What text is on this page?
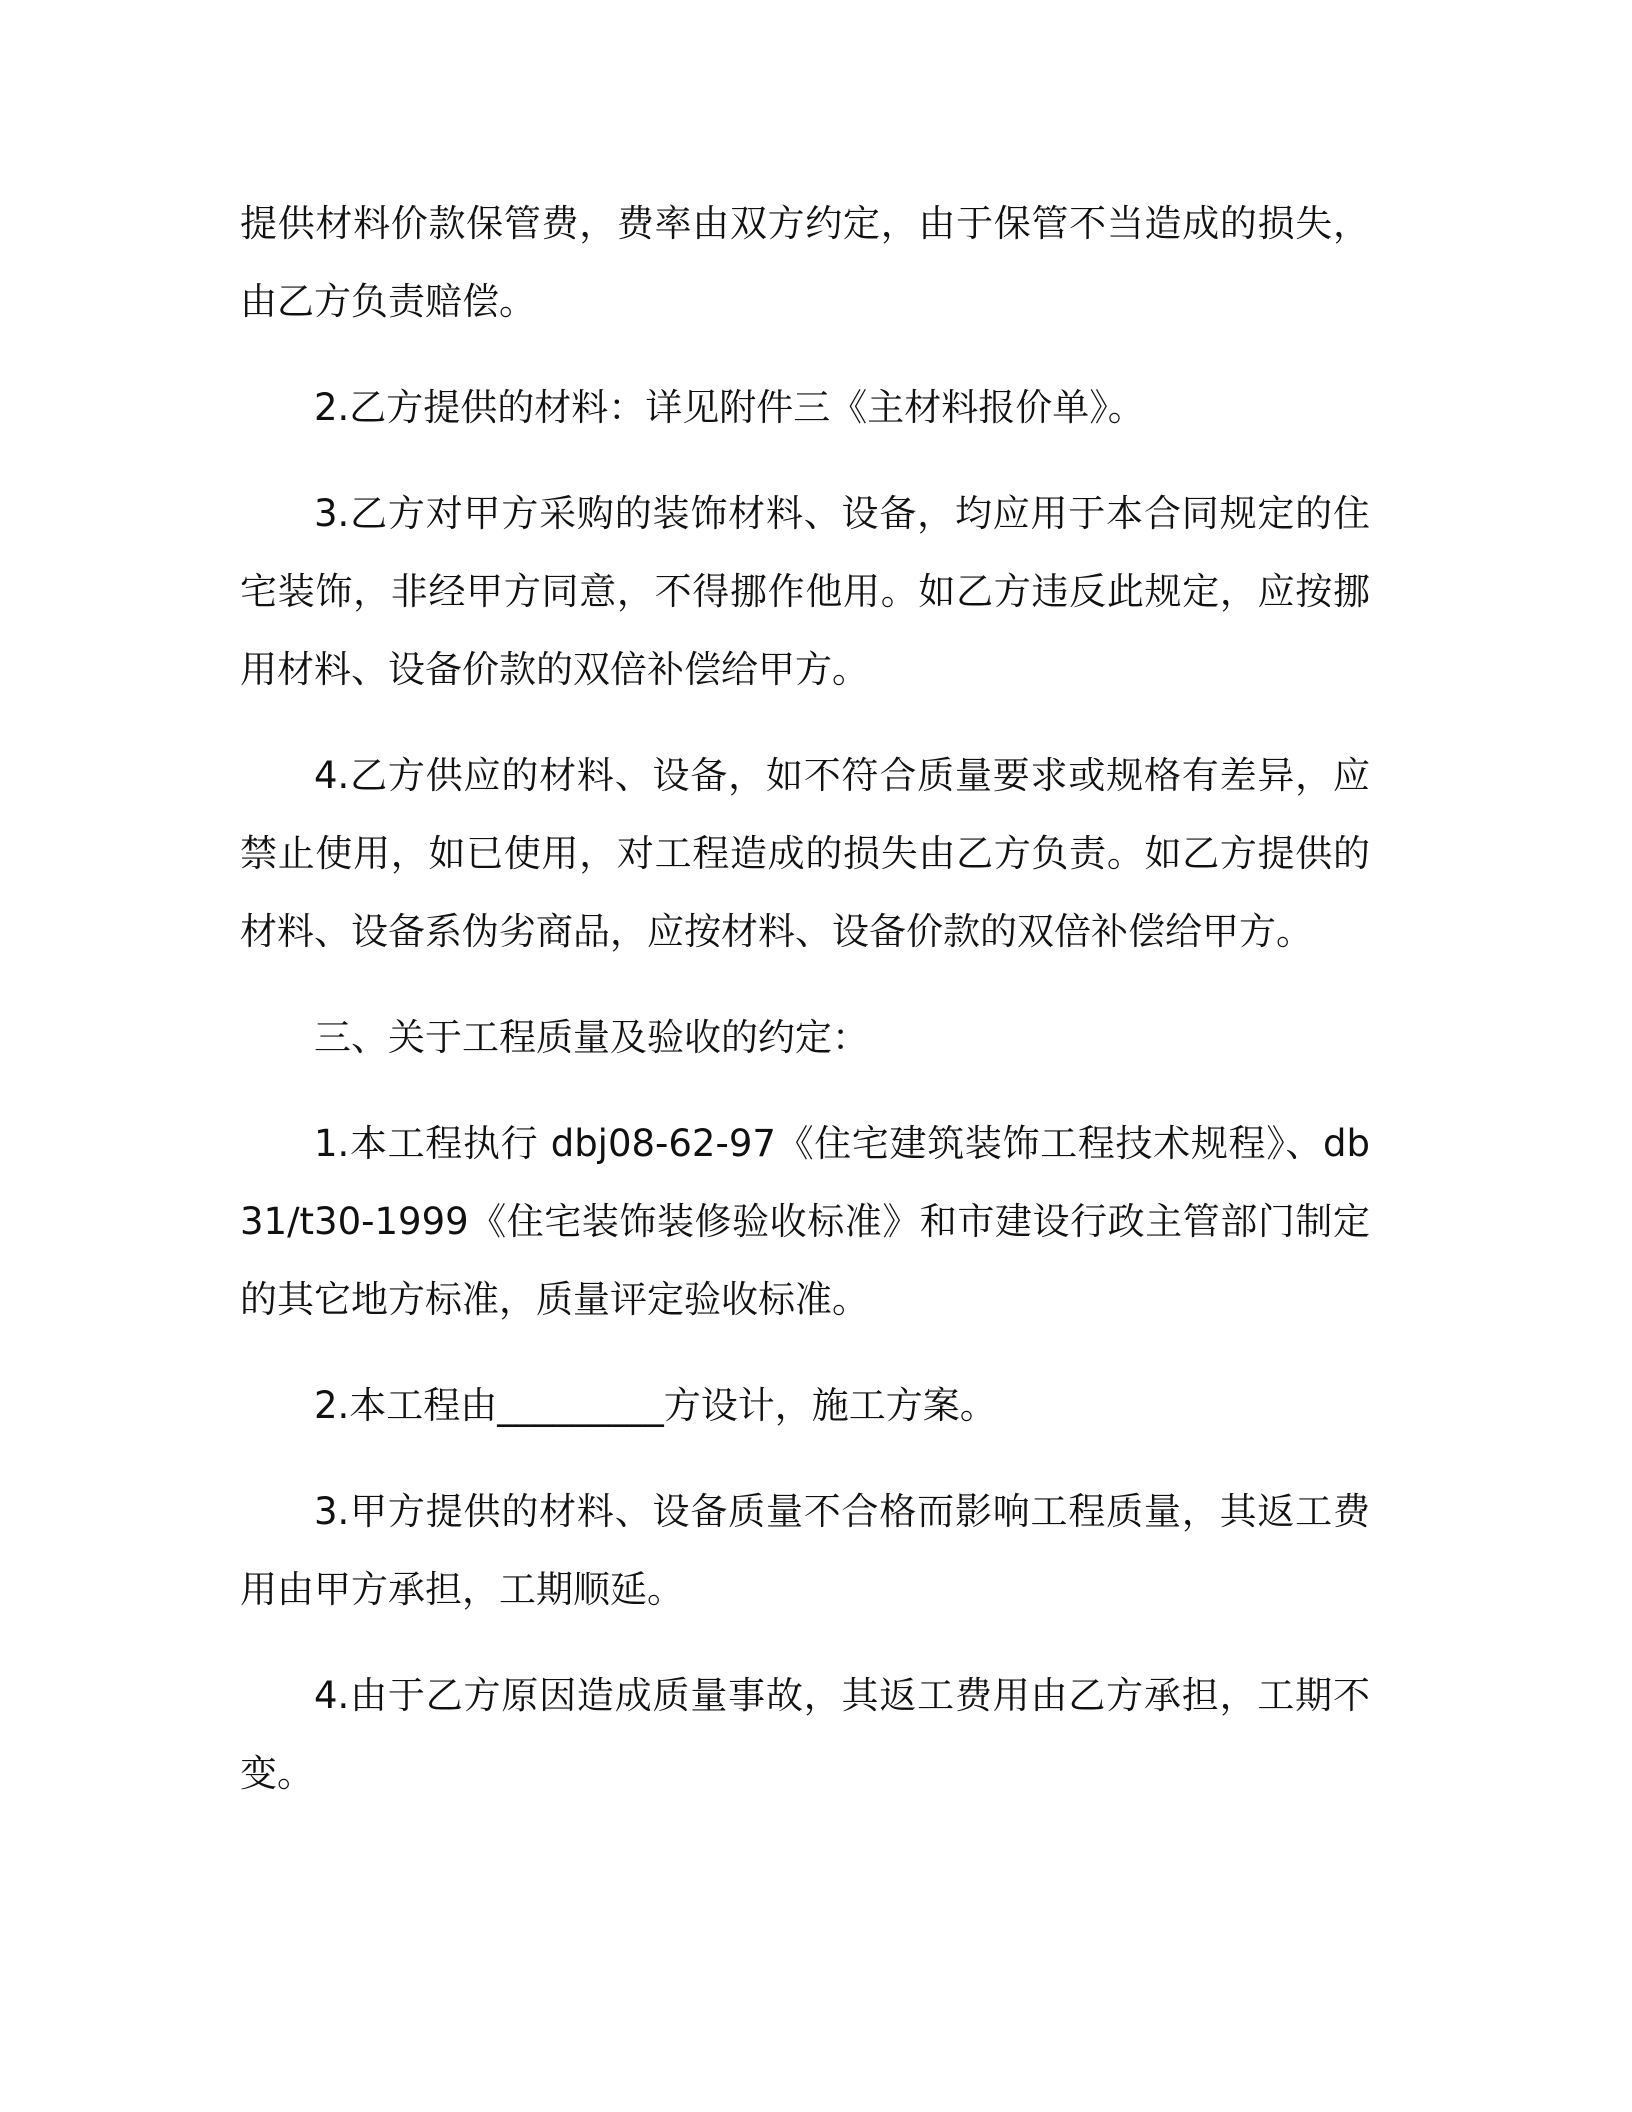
提供材料价款保管费，费率由双方约定，由于保管不当造成的损失，由乙方负责赔偿。

2.乙方提供的材料：详见附件三《主材料报价单》。

3.乙方对甲方采购的装饰材料、设备，均应用于本合同规定的住宅装饰，非经甲方同意，不得挪作他用。如乙方违反此规定，应按挪用材料、设备价款的双倍补偿给甲方。

4.乙方供应的材料、设备，如不符合质量要求或规格有差异，应禁止使用，如已使用，对工程造成的损失由乙方负责。如乙方提供的材料、设备系伪劣商品，应按材料、设备价款的双倍补偿给甲方。

三、关于工程质量及验收的约定：

1.本工程执行 dbj08-62-97《住宅建筑装饰工程技术规程》、db31/t30-1999《住宅装饰装修验收标准》和市建设行政主管部门制定的其它地方标准，质量评定验收标准。

2.本工程由_________方设计，施工方案。

3.甲方提供的材料、设备质量不合格而影响工程质量，其返工费用由甲方承担，工期顺延。

4.由于乙方原因造成质量事故，其返工费用由乙方承担，工期不变。
